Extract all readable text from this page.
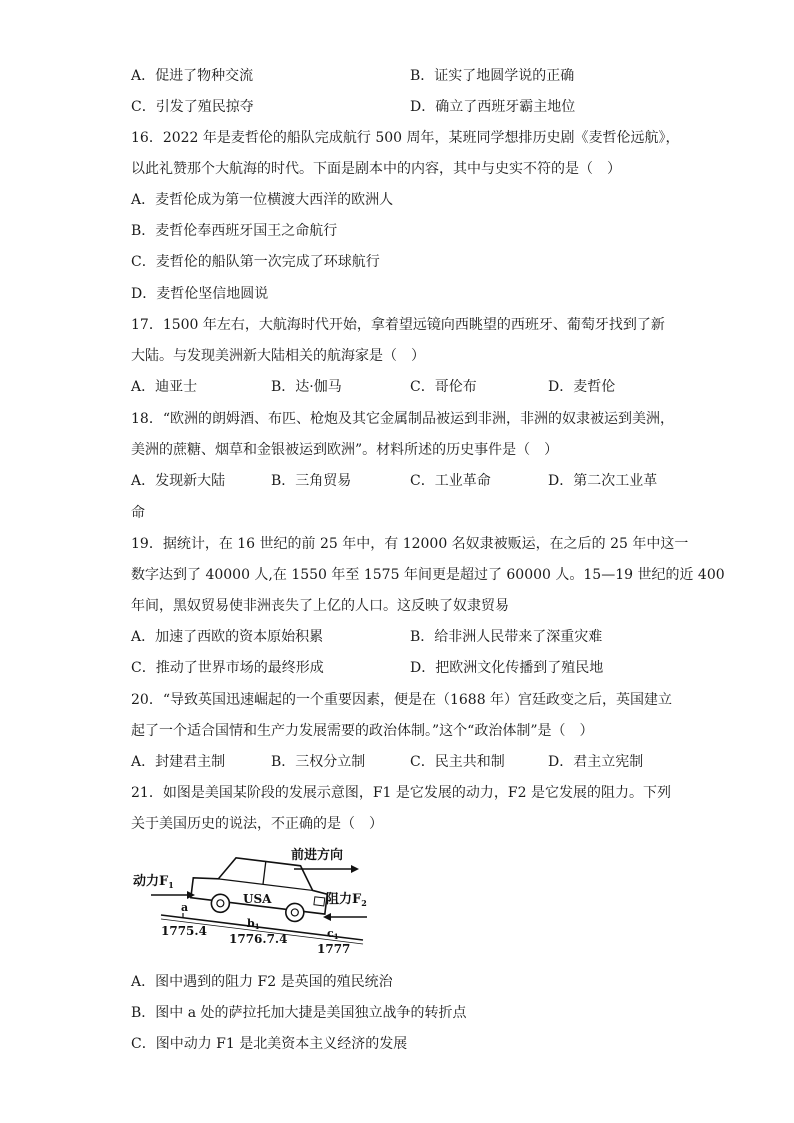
A．促进了物种交流	B．证实了地圆学说的正确
C．引发了殖民掠夺	D．确立了西班牙霸主地位
16．2022 年是麦哲伦的船队完成航行 500 周年，某班同学想排历史剧《麦哲伦远航》，
以此礼赞那个大航海的时代。下面是剧本中的内容，其中与史实不符的是（　）
A．麦哲伦成为第一位横渡大西洋的欧洲人
B．麦哲伦奉西班牙国王之命航行
C．麦哲伦的船队第一次完成了环球航行
D．麦哲伦坚信地圆说
17．1500 年左右，大航海时代开始，拿着望远镜向西眺望的西班牙、葡萄牙找到了新
大陆。与发现美洲新大陆相关的航海家是（　）
A．迪亚士	B．达·伽马	C．哥伦布	D．麦哲伦
18．“欧洲的朗姆酒、布匹、枪炮及其它金属制品被运到非洲，非洲的奴隶被运到美洲，
美洲的蔗糖、烟草和金银被运到欧洲”。材料所述的历史事件是（　）
A．发现新大陆	B．三角贸易	C．工业革命	D．第二次工业革
命
19．据统计，在 16 世纪的前 25 年中，有 12000 名奴隶被贩运，在之后的 25 年中这一
数字达到了 40000 人,在 1550 年至 1575 年间更是超过了 60000 人。15—19 世纪的近 400
年间，黑奴贸易使非洲丧失了上亿的人口。这反映了奴隶贸易
A．加速了西欧的资本原始积累	B．给非洲人民带来了深重灾难
C．推动了世界市场的最终形成	D．把欧洲文化传播到了殖民地
20．“导致英国迅速崛起的一个重要因素，便是在（1688 年）宫廷政变之后，英国建立
起了一个适合国情和生产力发展需要的政治体制。”这个“政治体制”是（　）
A．封建君主制	B．三权分立制	C．民主共和制	D．君主立宪制
21．如图是美国某阶段的发展示意图，F1 是它发展的动力，F2 是它发展的阻力。下列
关于美国历史的说法，不正确的是（　）
USA
前进方向
动力$F_1$
阻力$F_2$
a
b1
c1
1775.4
1776.7.4
1777
A．图中遇到的阻力 F2 是英国的殖民统治
B．图中 a 处的萨拉托加大捷是美国独立战争的转折点
C．图中动力 F1 是北美资本主义经济的发展
